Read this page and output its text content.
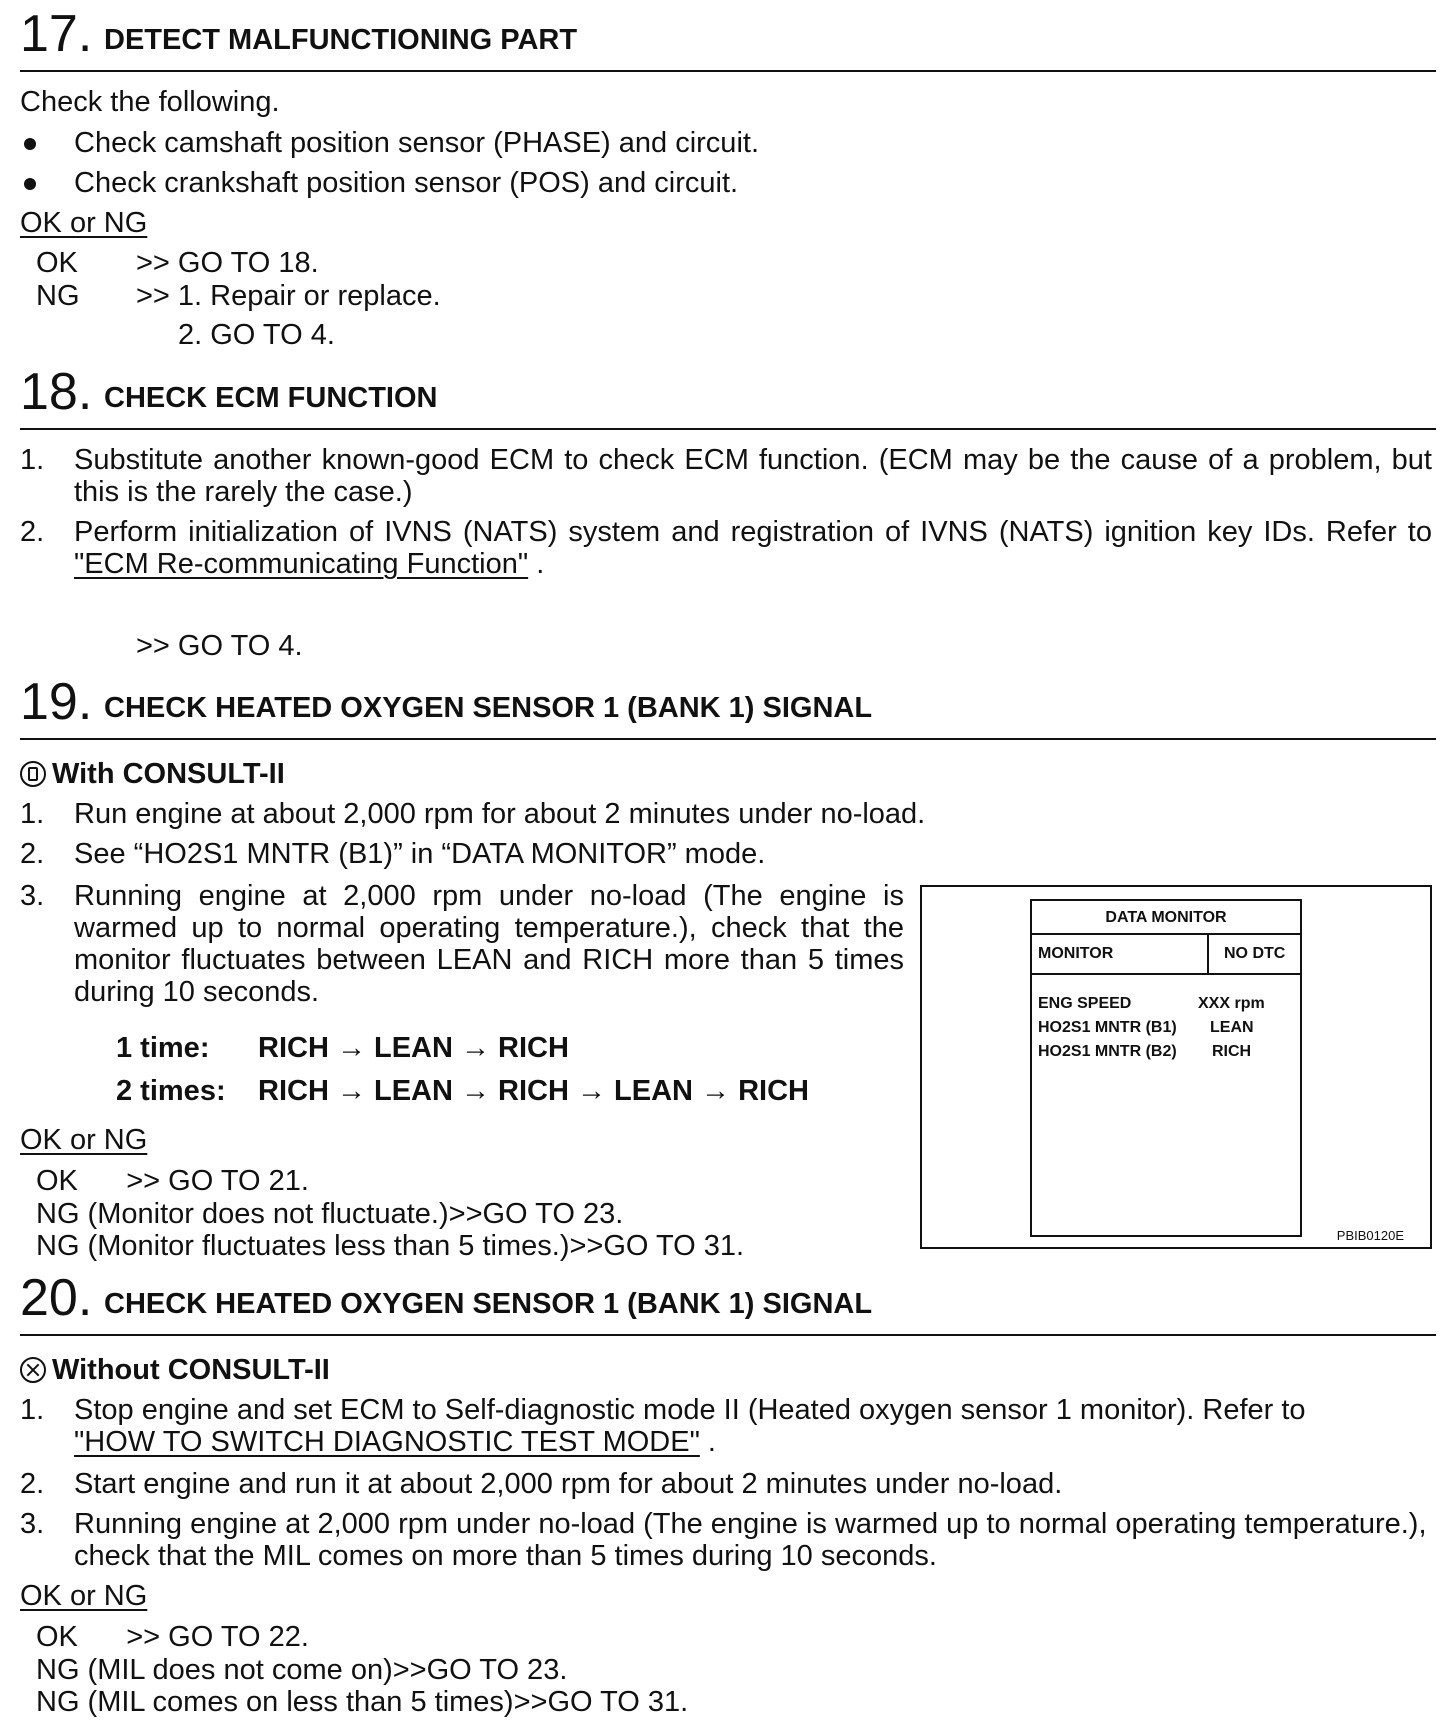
17. DETECT MALFUNCTIONING PART
Check the following.
Check camshaft position sensor (PHASE) and circuit.
Check crankshaft position sensor (POS) and circuit.
OK or NG
OK >> GO TO 18.
NG >> 1. Repair or replace.
2. GO TO 4.
18. CHECK ECM FUNCTION
1. Substitute another known-good ECM to check ECM function. (ECM may be the cause of a problem, but this is the rarely the case.)
2. Perform initialization of IVNS (NATS) system and registration of IVNS (NATS) ignition key IDs. Refer to "ECM Re-communicating Function" .
>> GO TO 4.
19. CHECK HEATED OXYGEN SENSOR 1 (BANK 1) SIGNAL
With CONSULT-II
1. Run engine at about 2,000 rpm for about 2 minutes under no-load.
2. See “HO2S1 MNTR (B1)” in “DATA MONITOR” mode.
3. Running engine at 2,000 rpm under no-load (The engine is warmed up to normal operating temperature.), check that the monitor fluctuates between LEAN and RICH more than 5 times during 10 seconds.
1 time: RICH → LEAN → RICH
2 times: RICH → LEAN → RICH → LEAN → RICH
OK or NG
OK      >> GO TO 21.
NG (Monitor does not fluctuate.)>>GO TO 23.
NG (Monitor fluctuates less than 5 times.)>>GO TO 31.
DATA MONITOR
MONITOR	NO DTC
ENG SPEED	XXX rpm
HO2S1 MNTR (B1) LEAN
HO2S1 MNTR (B2) RICH
PBIB0120E
20. CHECK HEATED OXYGEN SENSOR 1 (BANK 1) SIGNAL
Without CONSULT-II
1. Stop engine and set ECM to Self-diagnostic mode II (Heated oxygen sensor 1 monitor). Refer to
"HOW TO SWITCH DIAGNOSTIC TEST MODE" .
2. Start engine and run it at about 2,000 rpm for about 2 minutes under no-load.
3. Running engine at 2,000 rpm under no-load (The engine is warmed up to normal operating temperature.), check that the MIL comes on more than 5 times during 10 seconds.
OK or NG
OK      >> GO TO 22.
NG (MIL does not come on)>>GO TO 23.
NG (MIL comes on less than 5 times)>>GO TO 31.
